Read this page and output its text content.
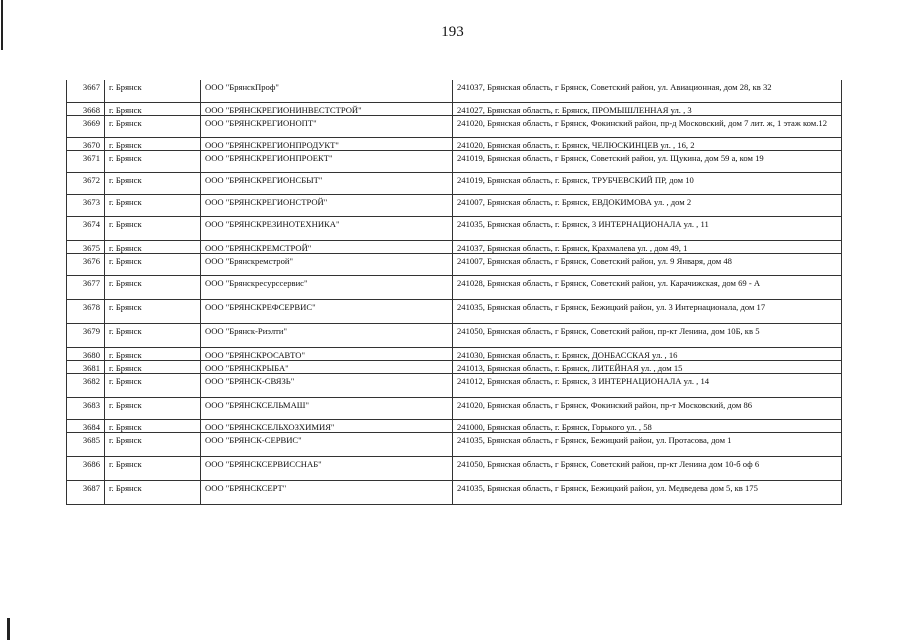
193
3667	г. Брянск	ООО "БрянскПроф"	241037, Брянская область, г Брянск, Советский район, ул. Авиационная, дом 28, кв 32
3668	г. Брянск	ООО "БРЯНСКРЕГИОНИНВЕСТСТРОЙ"	241027, Брянская область, г. Брянск, ПРОМЫШЛЕННАЯ ул. , 3
3669	г. Брянск	ООО "БРЯНСКРЕГИОНОПТ"	241020, Брянская область, г Брянск, Фокинский район, пр-д Московский, дом 7 лит. ж, 1 этаж ком.12
3670	г. Брянск	ООО "БРЯНСКРЕГИОНПРОДУКТ"	241020, Брянская область, г. Брянск, ЧЕЛЮСКИНЦЕВ ул. , 16, 2
3671	г. Брянск	ООО "БРЯНСКРЕГИОНПРОЕКТ"	241019, Брянская область, г Брянск, Советский район, ул. Щукина, дом 59 а, ком 19
3672	г. Брянск	ООО "БРЯНСКРЕГИОНСБЫТ"	241019, Брянская область, г. Брянск, ТРУБЧЕВСКИЙ ПР, дом 10
3673	г. Брянск	ООО "БРЯНСКРЕГИОНСТРОЙ"	241007, Брянская область, г. Брянск, ЕВДОКИМОВА ул. , дом 2
3674	г. Брянск	ООО "БРЯНСКРЕЗИНОТЕХНИКА"	241035, Брянская область, г. Брянск, 3 ИНТЕРНАЦИОНАЛА ул. , 11
3675	г. Брянск	ООО "БРЯНСКРЕМСТРОЙ"	241037, Брянская область, г. Брянск, Крахмалева ул. , дом 49, 1
3676	г. Брянск	ООО "Брянскремстрой"	241007, Брянская область, г Брянск, Советский район, ул. 9 Января, дом 48
3677	г. Брянск	ООО "Брянскресурссервис"	241028, Брянская область, г Брянск, Советский район, ул. Карачижская, дом 69 - А
3678	г. Брянск	ООО "БРЯНСКРЕФСЕРВИС"	241035, Брянская область, г Брянск, Бежицкий район, ул. 3 Интернационала, дом 17
3679	г. Брянск	ООО "Брянск-Риэлти"	241050, Брянская область, г Брянск, Советский район, пр-кт Ленина, дом 10Б, кв 5
3680	г. Брянск	ООО "БРЯНСКРОСАВТО"	241030, Брянская область, г. Брянск, ДОНБАССКАЯ ул. , 16
3681	г. Брянск	ООО "БРЯНСКРЫБА"	241013, Брянская область, г. Брянск, ЛИТЕЙНАЯ ул. , дом 15
3682	г. Брянск	ООО "БРЯНСК-СВЯЗЬ"	241012, Брянская область, г. Брянск, 3 ИНТЕРНАЦИОНАЛА ул. , 14
3683	г. Брянск	ООО "БРЯНСКСЕЛЬМАШ"	241020, Брянская область, г Брянск, Фокинский район, пр-т Московский, дом 86
3684	г. Брянск	ООО "БРЯНСКСЕЛЬХОЗХИМИЯ"	241000, Брянская область, г. Брянск, Горького ул. , 58
3685	г. Брянск	ООО "БРЯНСК-СЕРВИС"	241035, Брянская область, г Брянск, Бежицкий район, ул. Протасова, дом 1
3686	г. Брянск	ООО "БРЯНСКСЕРВИССНАБ"	241050, Брянская область, г Брянск, Советский район, пр-кт Ленина дом 10-б оф 6
3687	г. Брянск	ООО "БРЯНСКСЕРТ"	241035, Брянская область, г Брянск, Бежицкий район, ул. Медведева дом 5, кв 175
